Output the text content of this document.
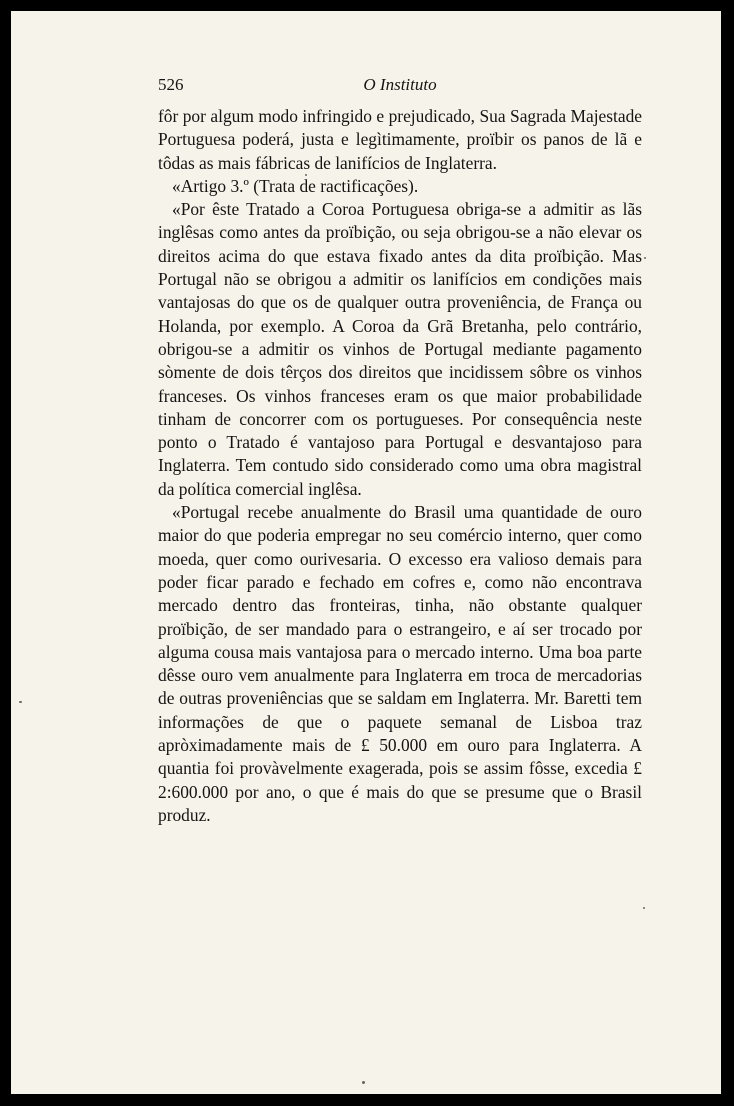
526	O Instituto

fôr por algum modo infringido e prejudicado, Sua Sagrada Majestade Portuguesa poderá, justa e legìtimamente, proïbir os panos de lã e tôdas as mais fábricas de lanifícios de Inglaterra.

«Artigo 3.º (Trata de ractificações).

«Por êste Tratado a Coroa Portuguesa obriga-se a admitir as lãs inglêsas como antes da proïbição, ou seja obrigou-se a não elevar os direitos acima do que estava fixado antes da dita proïbição. Mas Portugal não se obrigou a admitir os lanifícios em condições mais vantajosas do que os de qualquer outra proveniência, de França ou Holanda, por exemplo. A Coroa da Grã Bretanha, pelo contrário, obrigou-se a admitir os vinhos de Portugal mediante pagamento sòmente de dois têrços dos direitos que incidissem sôbre os vinhos franceses. Os vinhos franceses eram os que maior probabilidade tinham de concorrer com os portugueses. Por consequência neste ponto o Tratado é vantajoso para Portugal e desvantajoso para Inglaterra. Tem contudo sido considerado como uma obra magistral da política comercial inglêsa.

«Portugal recebe anualmente do Brasil uma quantidade de ouro maior do que poderia empregar no seu comércio interno, quer como moeda, quer como ourivesaria. O excesso era valioso demais para poder ficar parado e fechado em cofres e, como não encontrava mercado dentro das fronteiras, tinha, não obstante qualquer proïbição, de ser mandado para o estrangeiro, e aí ser trocado por alguma cousa mais vantajosa para o mercado interno. Uma boa parte dêsse ouro vem anualmente para Inglaterra em troca de mercadorias de outras proveniências que se saldam em Inglaterra. Mr. Baretti tem informações de que o paquete semanal de Lisboa traz apròximadamente mais de £ 50.000 em ouro para Inglaterra. A quantia foi provàvelmente exagerada, pois se assim fôsse, excedia £ 2:600.000 por ano, o que é mais do que se presume que o Brasil produz.
